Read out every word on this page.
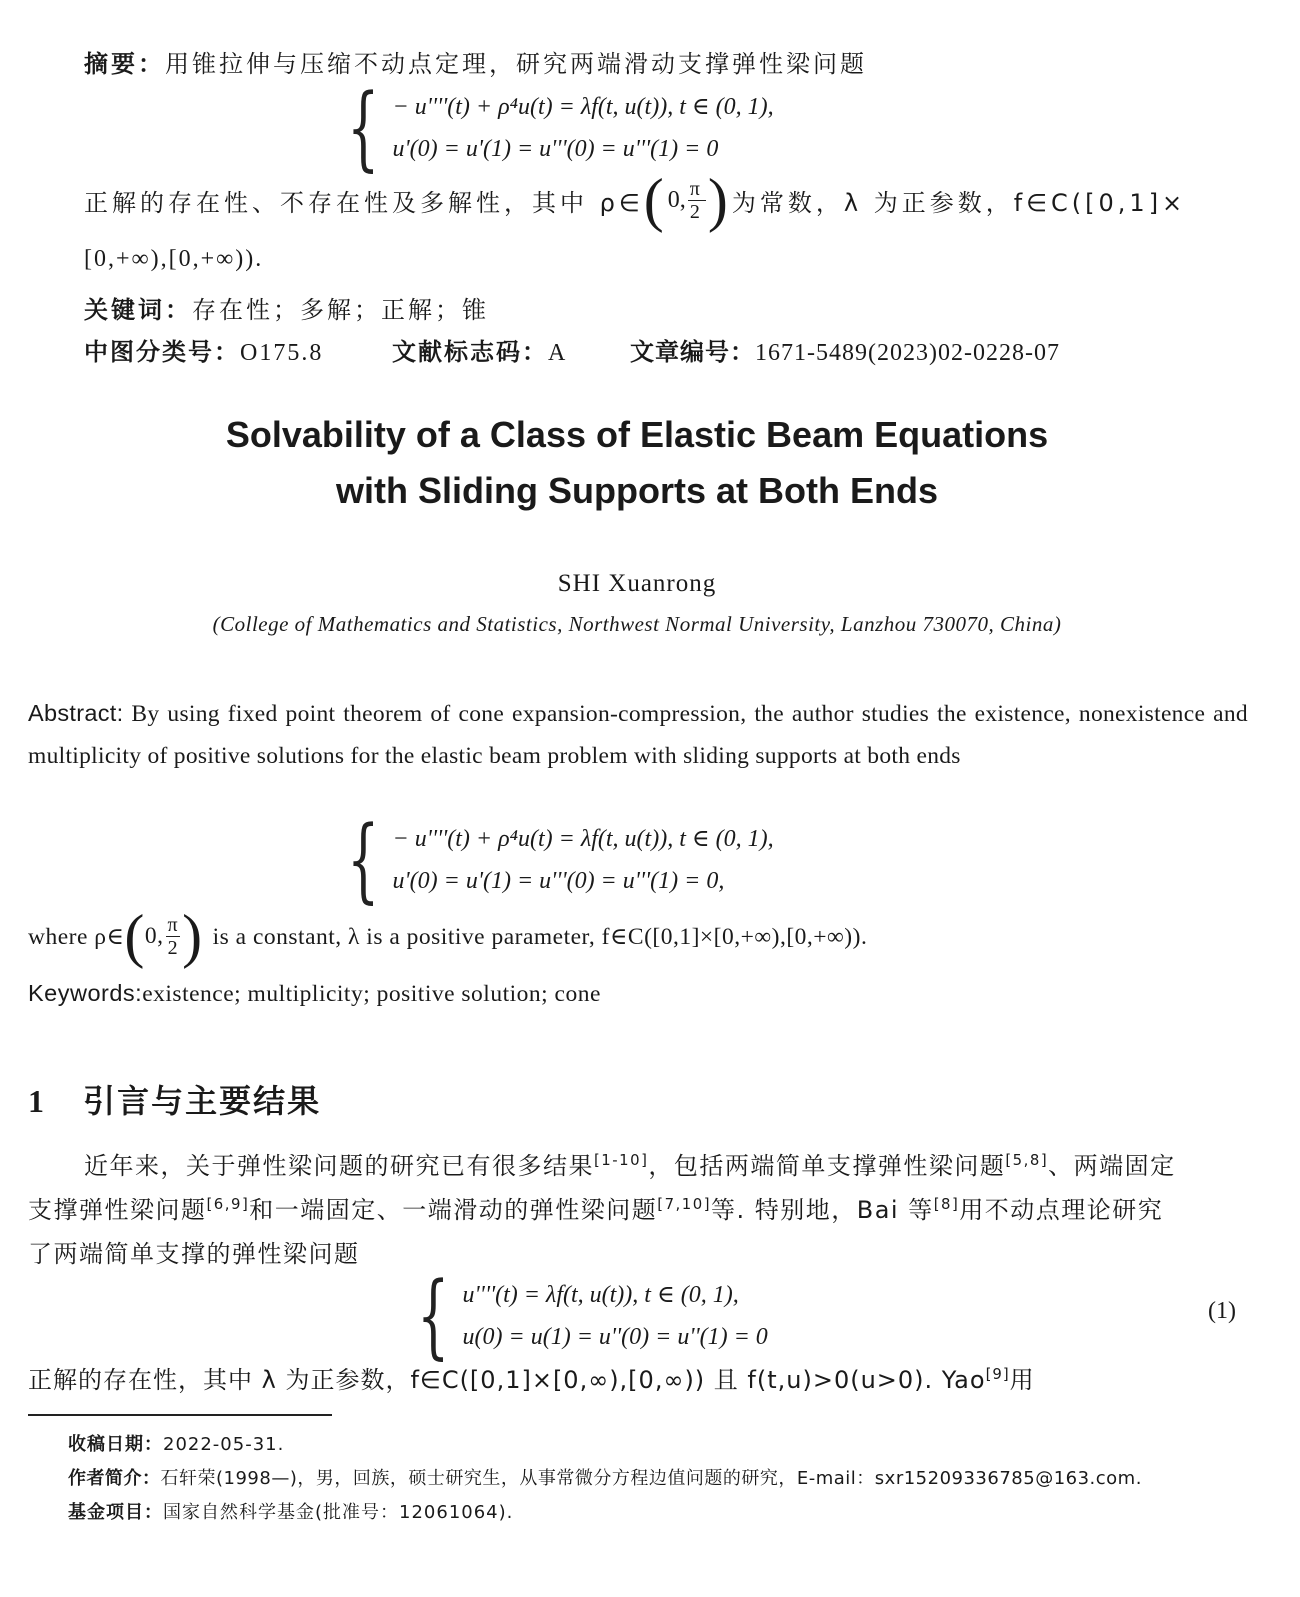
摘要：用锥拉伸与压缩不动点定理，研究两端滑动支撑弹性梁问题
{ − u''''(t) + ρ⁴u(t) = λf(t, u(t)), t ∈ (0, 1),
u'(0) = u'(1) = u'''(0) = u'''(1) = 0
正解的存在性、不存在性及多解性，其中 ρ∈ ( 0, $\frac{\pi}{2}$ ) 为常数，λ 为正参数，f∈C([0,1]×
[0,+∞),[0,+∞)).
关键词：存在性；多解；正解；锥
中图分类号：O175.8	文献标志码：A	文章编号：1671-5489(2023)02-0228-07
Solvability of a Class of Elastic Beam Equations
with Sliding Supports at Both Ends
SHI Xuanrong
(College of Mathematics and Statistics, Northwest Normal University, Lanzhou 730070, China)

Abstract: By using fixed point theorem of cone expansion-compression, the author studies the existence, nonexistence and multiplicity of positive solutions for the elastic beam problem with sliding supports at both ends

{ − u''''(t) + ρ⁴u(t) = λf(t, u(t)), t ∈ (0, 1),
u'(0) = u'(1) = u'''(0) = u'''(1) = 0,
where ρ∈ ( 0, $\frac{\pi}{2}$ ) is a constant, λ is a positive parameter, f∈C([0,1]×[0,+∞),[0,+∞)).
Keywords:existence; multiplicity; positive solution; cone
1 引言与主要结果
近年来，关于弹性梁问题的研究已有很多结果[1-10]，包括两端简单支撑弹性梁问题[5,8]、两端固定
支撑弹性梁问题[6,9]和一端固定、一端滑动的弹性梁问题[7,10]等. 特别地，Bai 等[8]用不动点理论研究
了两端简单支撑的弹性梁问题
{ u''''(t) = λf(t, u(t)), t ∈ (0, 1),
u(0) = u(1) = u''(0) = u''(1) = 0
(1)
正解的存在性，其中 λ 为正参数，f∈C([0,1]×[0,∞),[0,∞)) 且 f(t,u)>0(u>0). Yao[9]用
收稿日期：2022-05-31.
作者简介：石轩荣(1998—)，男，回族，硕士研究生，从事常微分方程边值问题的研究，E-mail：sxr15209336785@163.com.
基金项目：国家自然科学基金(批准号：12061064).
